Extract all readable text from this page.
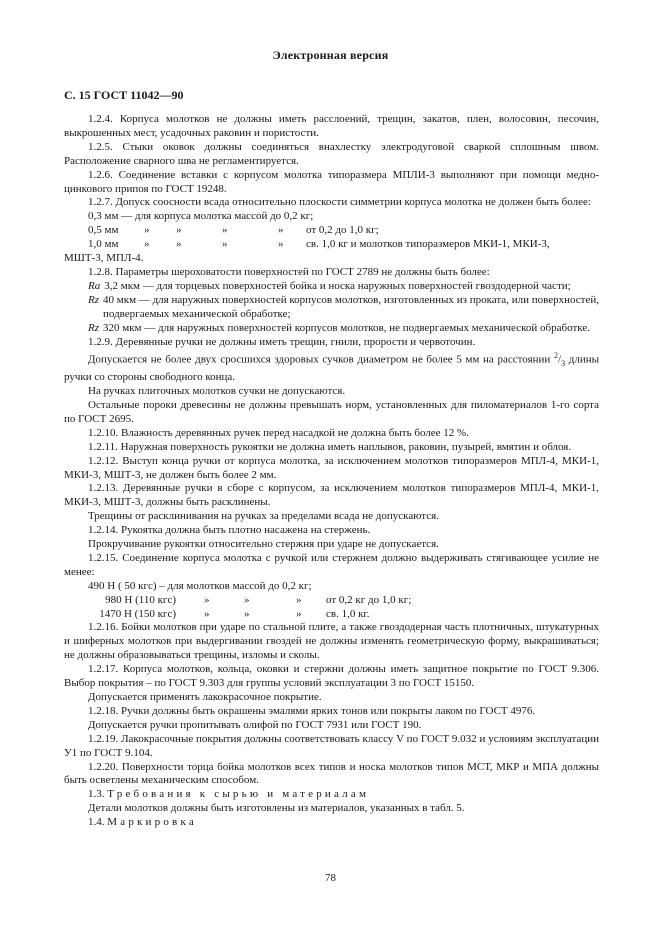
Электронная версия
С. 15 ГОСТ 11042—90

1.2.4. Корпуса молотков не должны иметь расслоений, трещин, закатов, плен, волосовин, песочин, выкрошенных мест, усадочных раковин и пористости.

1.2.5. Стыки оковок должны соединяться внахлестку электродуговой сваркой сплошным швом. Расположение сварного шва не регламентируется.

1.2.6. Соединение вставки с корпусом молотка типоразмера МПЛИ-3 выполняют при помощи медно-цинкового припоя по ГОСТ 19248.

1.2.7. Допуск соосности всада относительно плоскости симметрии корпуса молотка не должен быть более:

0,3 мм — для корпуса молотка массой до 0,2 кг;
0,5 мм	»	»	»	»	от 0,2 до 1,0 кг;
1,0 мм	»	»	»	»	св. 1,0 кг и молотков типоразмеров МКИ-1, МКИ-3,

МШТ-3, МПЛ-4.

1.2.8. Параметры шероховатости поверхностей по ГОСТ 2789 не должны быть более:

Ra 3,2 мкм — для торцевых поверхностей бойка и носка наружных поверхностей гвоздодерной части;
Rz 40 мкм — для наружных поверхностей корпусов молотков, изготовленных из проката, или поверхностей, подвергаемых механической обработке;
Rz 320 мкм — для наружных поверхностей корпусов молотков, не подвергаемых механической обработке.

1.2.9. Деревянные ручки не должны иметь трещин, гнили, прорости и червоточин.

Допускается не более двух сросшихся здоровых сучков диаметром не более 5 мм на расстоянии $^2/_3$ длины ручки со стороны свободного конца.

На ручках плиточных молотков сучки не допускаются.

Остальные пороки древесины не должны превышать норм, установленных для пиломатериалов 1-го сорта по ГОСТ 2695.

1.2.10. Влажность деревянных ручек перед насадкой не должна быть более 12 %.

1.2.11. Наружная поверхность рукоятки не должна иметь наплывов, раковин, пузырей, вмятин и облоя.

1.2.12. Выступ конца ручки от корпуса молотка, за исключением молотков типоразмеров МПЛ-4, МКИ-1, МКИ-3, МШТ-3, не должен быть более 2 мм.

1.2.13. Деревянные ручки в сборе с корпусом, за исключением молотков типоразмеров МПЛ-4, МКИ-1, МКИ-3, МШТ-3, должны быть расклинены.

Трещины от расклинивания на ручках за пределами всада не допускаются.

1.2.14. Рукоятка должна быть плотно насажена на стержень.

Прокручивание рукоятки относительно стержня при ударе не допускается.

1.2.15. Соединение корпуса молотка с ручкой или стержнем должно выдерживать стягивающее усилие не менее:

490 Н ( 50 кгс) – для молотков массой до 0,2 кг;
980 Н (110 кгс)	»	»	»	от 0,2 кг до 1,0 кг;
1470 Н (150 кгс)	»	»	»	св. 1,0 кг.

1.2.16. Бойки молотков при ударе по стальной плите, а также гвоздодерная часть плотничных, штукатурных и шиферных молотков при выдергивании гвоздей не должны изменять геометрическую форму, выкрашиваться; не должны образовываться трещины, изломы и сколы.

1.2.17. Корпуса молотков, кольца, оковки и стержни должны иметь защитное покрытие по ГОСТ 9.306. Выбор покрытия – по ГОСТ 9.303 для группы условий эксплуатации 3 по ГОСТ 15150.

Допускается применять лакокрасочное покрытие.

1.2.18. Ручки должны быть окрашены эмалями ярких тонов или покрыты лаком по ГОСТ 4976.

Допускается ручки пропитывать олифой по ГОСТ 7931 или ГОСТ 190.

1.2.19. Лакокрасочные покрытия должны соответствовать классу V по ГОСТ 9.032 и условиям эксплуатации У1 по ГОСТ 9.104.

1.2.20. Поверхности торца бойка молотков всех типов и носка молотков типов МСТ, МКР и МПА должны быть осветлены механическим способом.

1.3. Требования к сырью и материалам

Детали молотков должны быть изготовлены из материалов, указанных в табл. 5.

1.4. Маркировка

78
